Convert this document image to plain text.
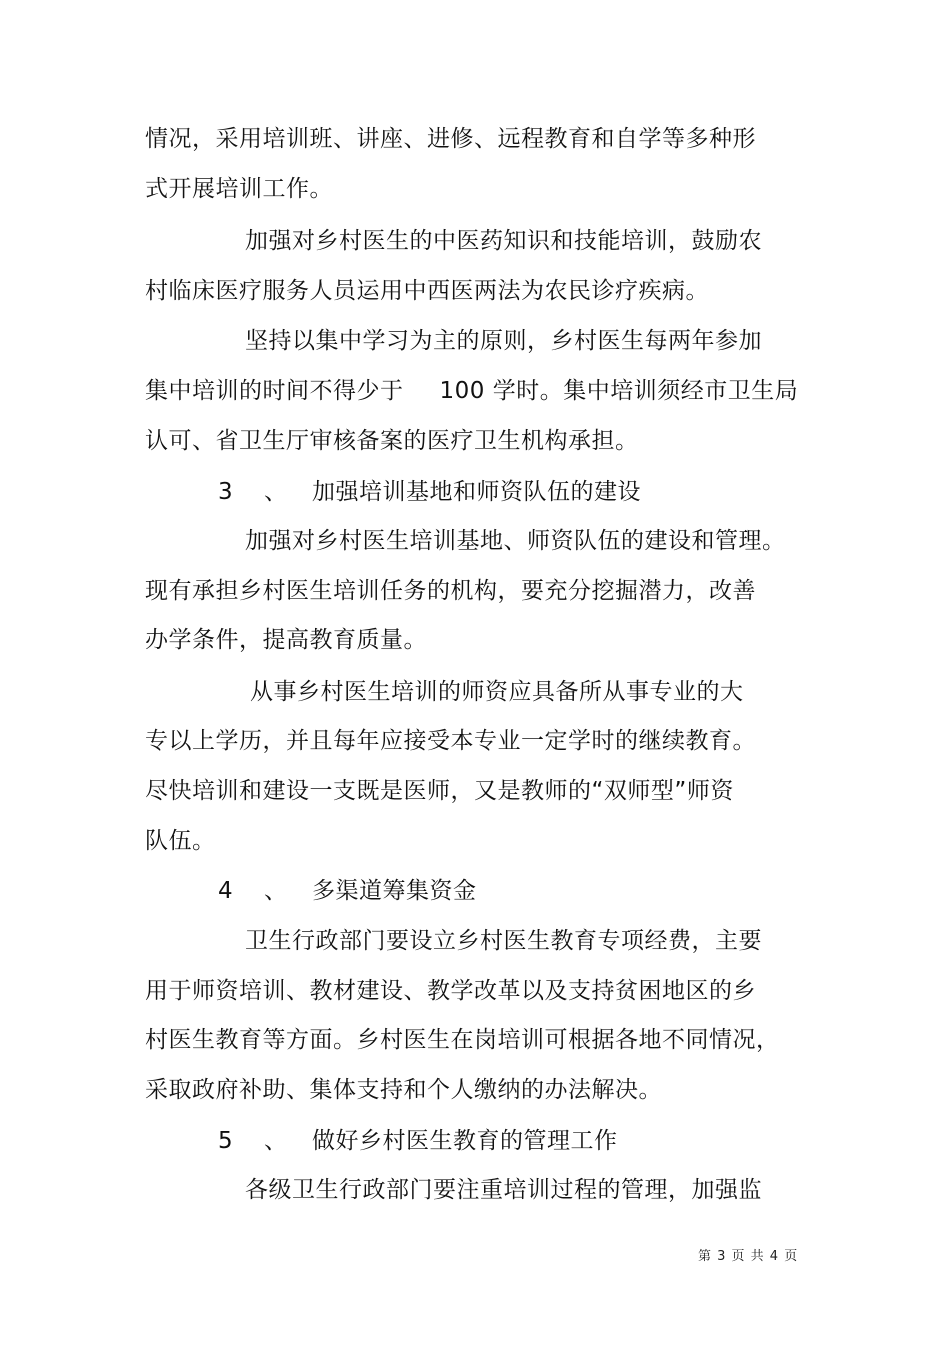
情况，采用培训班、讲座、进修、远程教育和自学等多种形
式开展培训工作。
加强对乡村医生的中医药知识和技能培训，鼓励农
村临床医疗服务人员运用中西医两法为农民诊疗疾病。
坚持以集中学习为主的原则，乡村医生每两年参加
集中培训的时间不得少于 100 学时。集中培训须经市卫生局
认可、省卫生厅审核备案的医疗卫生机构承担。
3 、 加强培训基地和师资队伍的建设
加强对乡村医生培训基地、师资队伍的建设和管理。
现有承担乡村医生培训任务的机构，要充分挖掘潜力，改善
办学条件，提高教育质量。
从事乡村医生培训的师资应具备所从事专业的大
专以上学历，并且每年应接受本专业一定学时的继续教育。
尽快培训和建设一支既是医师，又是教师的“双师型”师资
队伍。
4 、 多渠道筹集资金
卫生行政部门要设立乡村医生教育专项经费，主要
用于师资培训、教材建设、教学改革以及支持贫困地区的乡
村医生教育等方面。乡村医生在岗培训可根据各地不同情况，
采取政府补助、集体支持和个人缴纳的办法解决。
5 、 做好乡村医生教育的管理工作
各级卫生行政部门要注重培训过程的管理，加强监
第 3 页 共 4 页
